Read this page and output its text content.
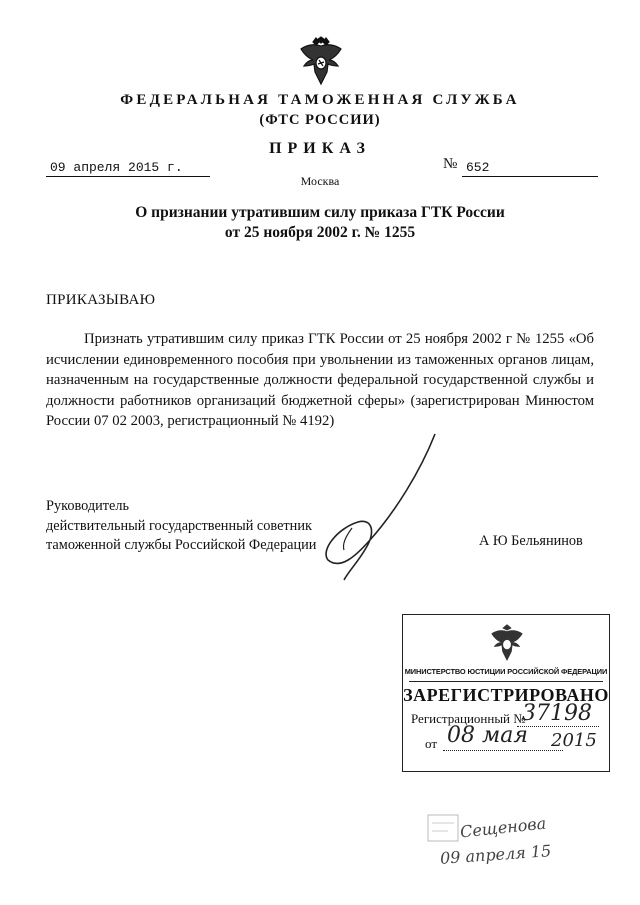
ФЕДЕРАЛЬНАЯ ТАМОЖЕННАЯ СЛУЖБА
(ФТС РОССИИ)
ПРИКАЗ
09 апреля 2015 г.	№ 652
Москва
О признании утратившим силу приказа ГТК России
от 25 ноября 2002 г. № 1255
ПРИКАЗЫВАЮ
Признать утратившим силу приказ ГТК России от 25 ноября 2002 г № 1255 «Об исчислении единовременного пособия при увольнении из таможенных органов лицам, назначенным на государственные должности федеральной государственной службы и должности работников организаций бюджетной сферы» (зарегистрирован Минюстом России 07 02 2003, регистрационный № 4192)
Руководитель
действительный государственный советник
таможенной службы Российской Федерации	А Ю Бельянинов
МИНИСТЕРСТВО ЮСТИЦИИ РОССИЙСКОЙ ФЕДЕРАЦИИ
ЗАРЕГИСТРИРОВАНО
Регистрационный №
37198
от 08 мая 2015
Сещенова
09 апреля 15
